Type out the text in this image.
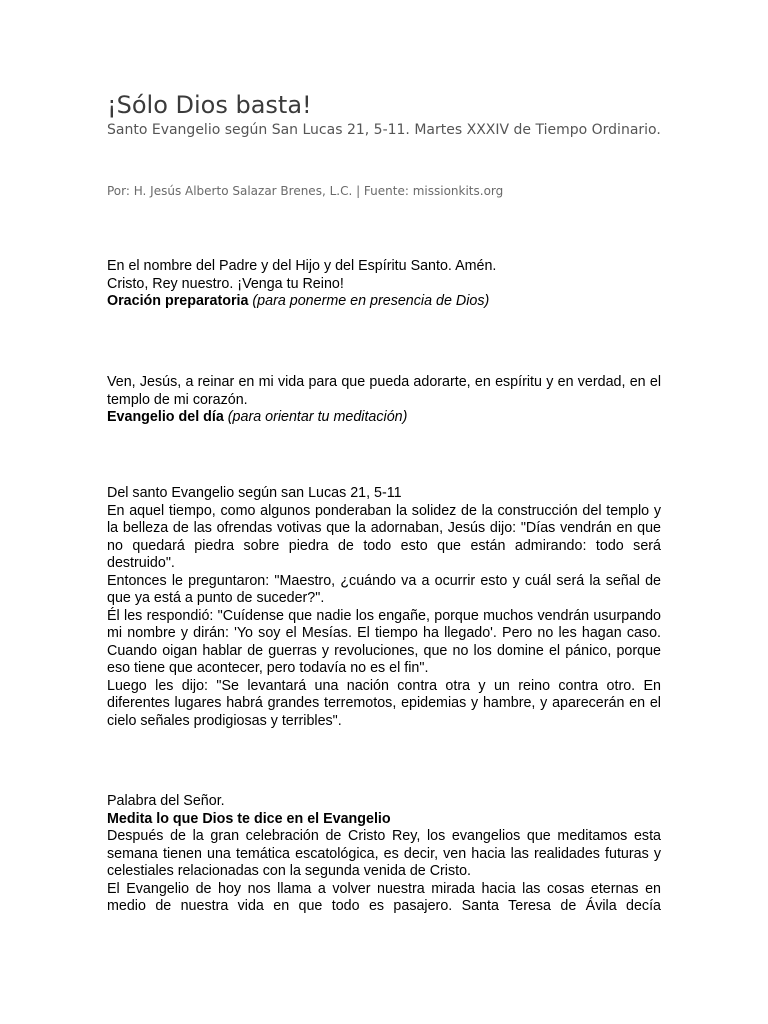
¡Sólo Dios basta!

Santo Evangelio según San Lucas 21, 5-11. Martes XXXIV de Tiempo Ordinario.

Por: H. Jesús Alberto Salazar Brenes, L.C. | Fuente: missionkits.org

En el nombre del Padre y del Hijo y del Espíritu Santo. Amén.

Cristo, Rey nuestro. ¡Venga tu Reino!

Oración preparatoria (para ponerme en presencia de Dios)

Ven, Jesús, a reinar en mi vida para que pueda adorarte, en espíritu y en verdad, en el templo de mi corazón.

Evangelio del día (para orientar tu meditación)

Del santo Evangelio según san Lucas 21, 5-11

En aquel tiempo, como algunos ponderaban la solidez de la construcción del templo y la belleza de las ofrendas votivas que la adornaban, Jesús dijo: "Días vendrán en que no quedará piedra sobre piedra de todo esto que están admirando: todo será destruido".

Entonces le preguntaron: "Maestro, ¿cuándo va a ocurrir esto y cuál será la señal de que ya está a punto de suceder?".

Él les respondió: "Cuídense que nadie los engañe, porque muchos vendrán usurpando mi nombre y dirán: 'Yo soy el Mesías. El tiempo ha llegado'. Pero no les hagan caso. Cuando oigan hablar de guerras y revoluciones, que no los domine el pánico, porque eso tiene que acontecer, pero todavía no es el fin".

Luego les dijo: "Se levantará una nación contra otra y un reino contra otro. En diferentes lugares habrá grandes terremotos, epidemias y hambre, y aparecerán en el cielo señales prodigiosas y terribles".

Palabra del Señor.

Medita lo que Dios te dice en el Evangelio

Después de la gran celebración de Cristo Rey, los evangelios que meditamos esta semana tienen una temática escatológica, es decir, ven hacia las realidades futuras y celestiales relacionadas con la segunda venida de Cristo.

El Evangelio de hoy nos llama a volver nuestra mirada hacia las cosas eternas en

medio de nuestra vida en que todo es pasajero. Santa Teresa de Ávila decía
